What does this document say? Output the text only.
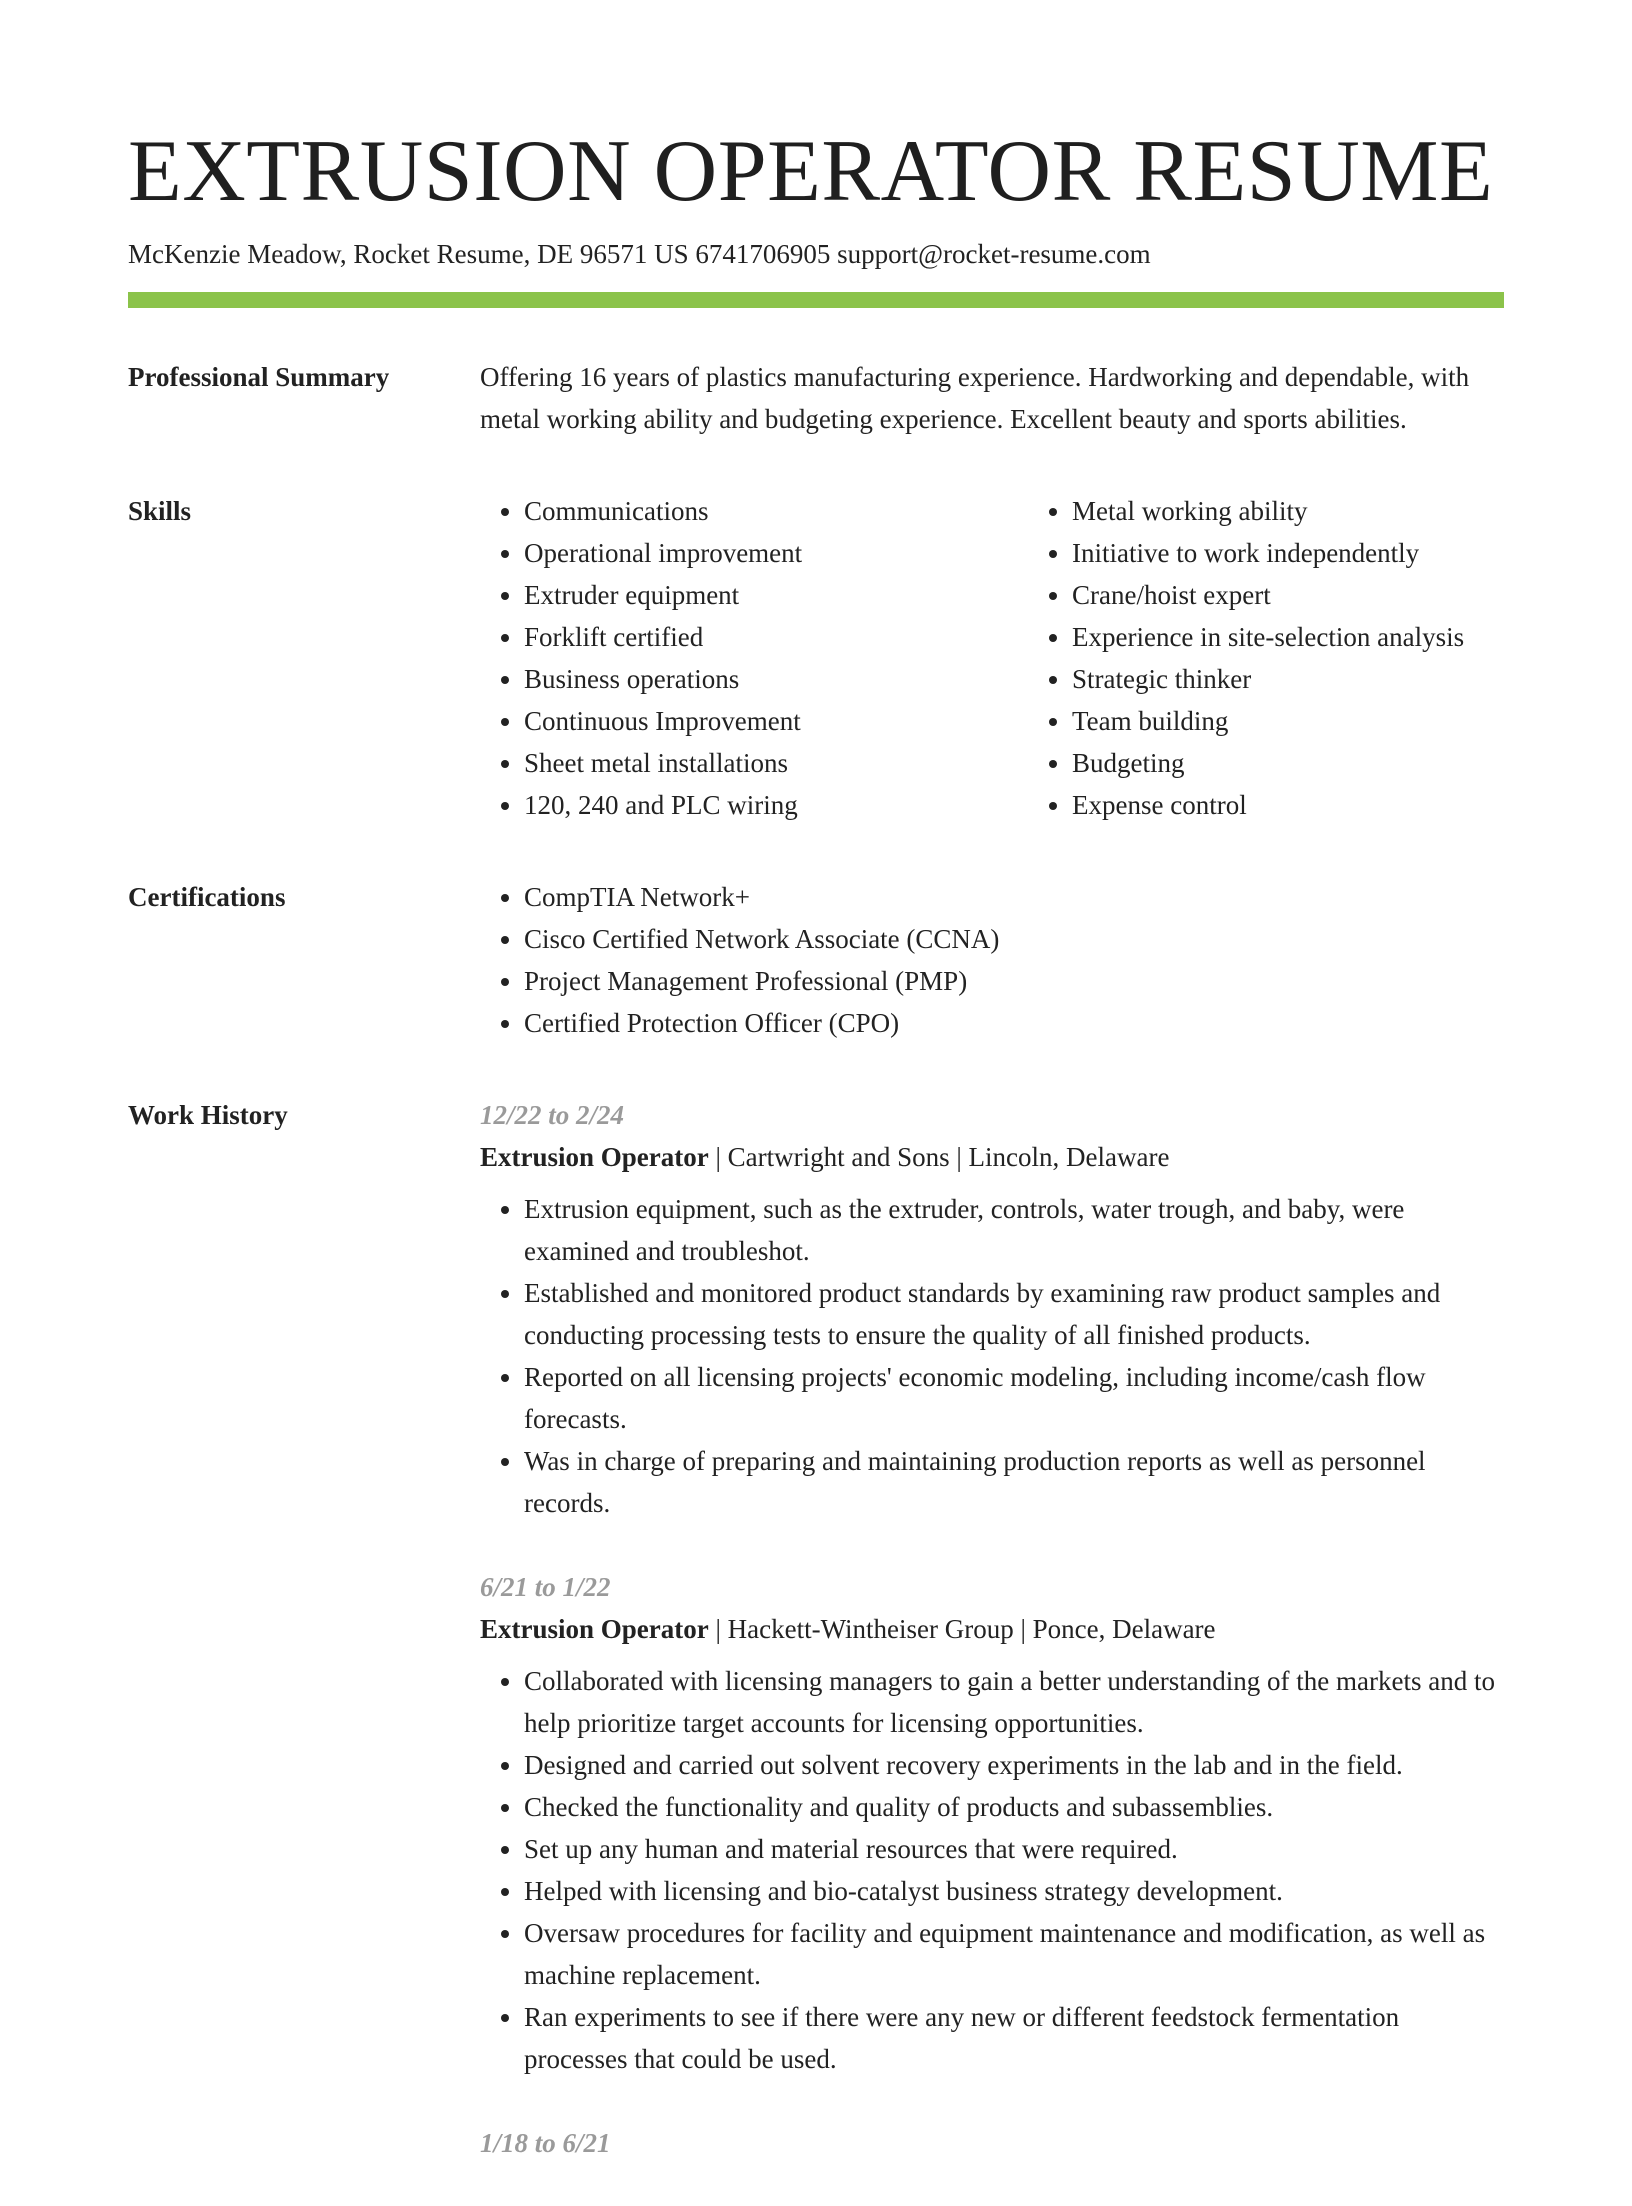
EXTRUSION OPERATOR RESUME
McKenzie Meadow, Rocket Resume, DE 96571 US 6741706905 support@rocket-resume.com
Professional Summary	Offering 16 years of plastics manufacturing experience. Hardworking and dependable, with metal working ability and budgeting experience. Excellent beauty and sports abilities.
Skills	• Communications
• Operational improvement
• Extruder equipment
• Forklift certified
• Business operations
• Continuous Improvement
• Sheet metal installations
• 120, 240 and PLC wiring
• Metal working ability
• Initiative to work independently
• Crane/hoist expert
• Experience in site-selection analysis
• Strategic thinker
• Team building
• Budgeting
• Expense control
Certifications	• CompTIA Network+
• Cisco Certified Network Associate (CCNA)
• Project Management Professional (PMP)
• Certified Protection Officer (CPO)
Work History	12/22 to 2/24
Extrusion Operator | Cartwright and Sons | Lincoln, Delaware
• Extrusion equipment, such as the extruder, controls, water trough, and baby, were examined and troubleshot.
• Established and monitored product standards by examining raw product samples and conducting processing tests to ensure the quality of all finished products.
• Reported on all licensing projects' economic modeling, including income/cash flow forecasts.
• Was in charge of preparing and maintaining production reports as well as personnel records.
6/21 to 1/22
Extrusion Operator | Hackett-Wintheiser Group | Ponce, Delaware
• Collaborated with licensing managers to gain a better understanding of the markets and to help prioritize target accounts for licensing opportunities.
• Designed and carried out solvent recovery experiments in the lab and in the field.
• Checked the functionality and quality of products and subassemblies.
• Set up any human and material resources that were required.
• Helped with licensing and bio-catalyst business strategy development.
• Oversaw procedures for facility and equipment maintenance and modification, as well as machine replacement.
• Ran experiments to see if there were any new or different feedstock fermentation processes that could be used.
1/18 to 6/21
